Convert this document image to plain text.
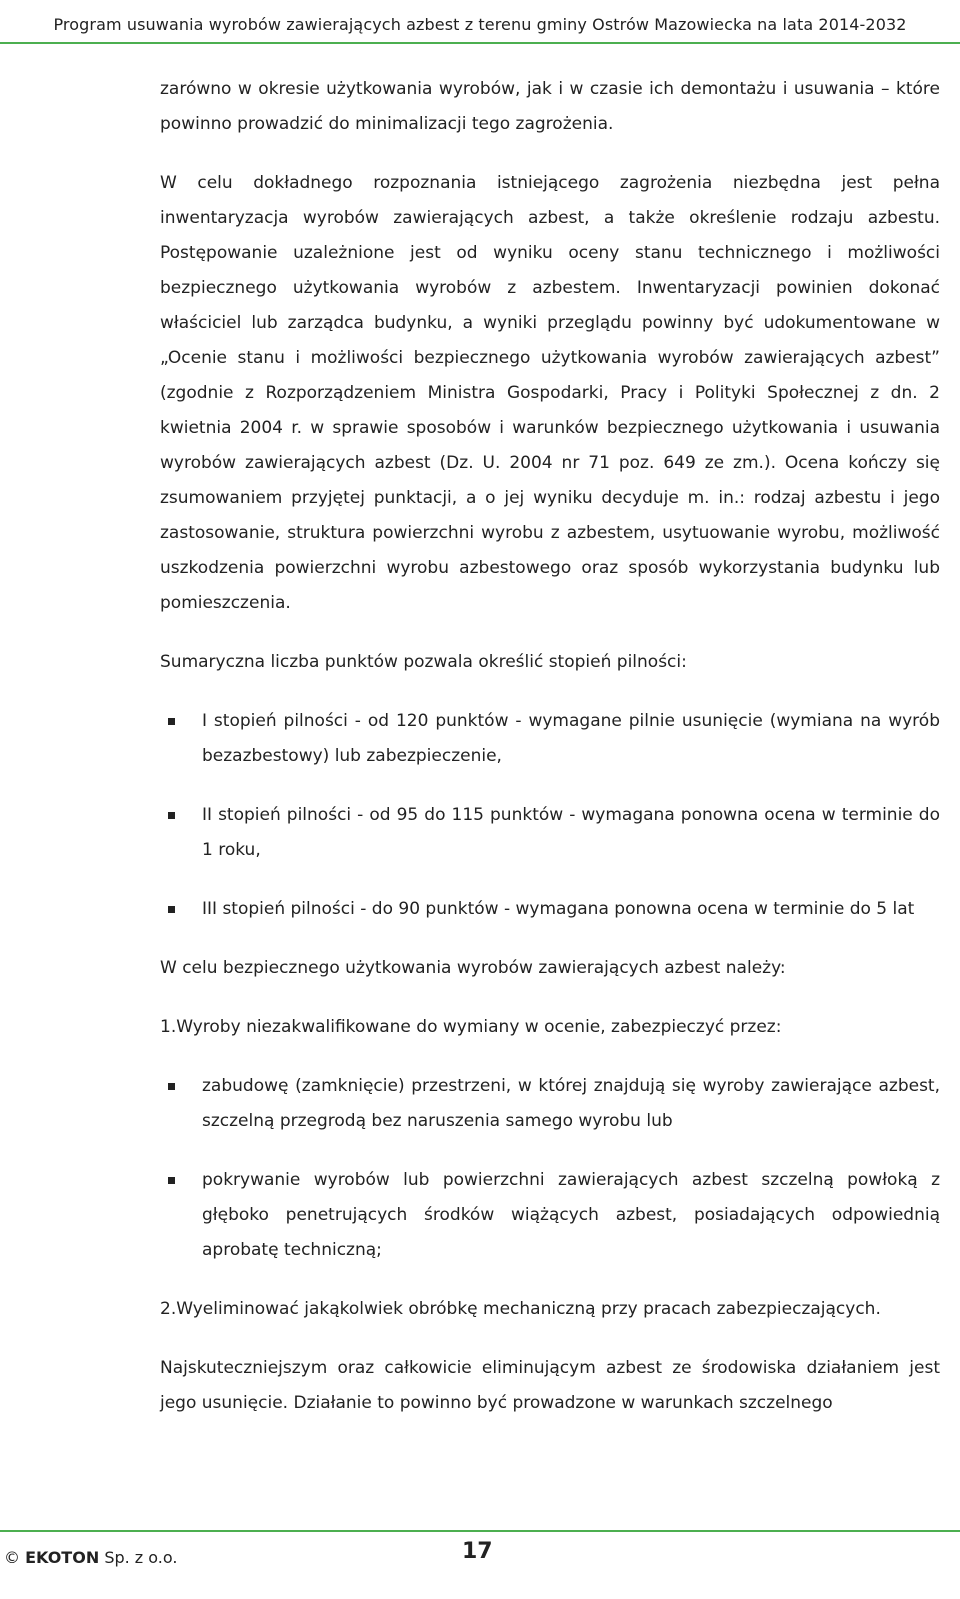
Program usuwania wyrobów zawierających azbest z terenu gminy Ostrów Mazowiecka na lata 2014-2032

zarówno w okresie użytkowania wyrobów, jak i w czasie ich demontażu i usuwania – które powinno prowadzić do minimalizacji tego zagrożenia.

W celu dokładnego rozpoznania istniejącego zagrożenia niezbędna jest pełna inwentaryzacja wyrobów zawierających azbest, a także określenie rodzaju azbestu. Postępowanie uzależnione jest od wyniku oceny stanu technicznego i możliwości bezpiecznego użytkowania wyrobów z azbestem. Inwentaryzacji powinien dokonać właściciel lub zarządca budynku, a wyniki przeglądu powinny być udokumentowane w „Ocenie stanu i możliwości bezpiecznego użytkowania wyrobów zawierających azbest” (zgodnie z Rozporządzeniem Ministra Gospodarki, Pracy i Polityki Społecznej z dn. 2 kwietnia 2004 r. w sprawie sposobów i warunków bezpiecznego użytkowania i usuwania wyrobów zawierających azbest (Dz. U. 2004 nr 71 poz. 649 ze zm.). Ocena kończy się zsumowaniem przyjętej punktacji, a o jej wyniku decyduje m. in.: rodzaj azbestu i jego zastosowanie, struktura powierzchni wyrobu z azbestem, usytuowanie wyrobu, możliwość uszkodzenia powierzchni wyrobu azbestowego oraz sposób wykorzystania budynku lub pomieszczenia.

Sumaryczna liczba punktów pozwala określić stopień pilności:

I stopień pilności - od 120 punktów - wymagane pilnie usunięcie (wymiana na wyrób bezazbestowy) lub zabezpieczenie,
II stopień pilności - od 95 do 115 punktów - wymagana ponowna ocena w terminie do 1 roku,
III stopień pilności - do 90 punktów - wymagana ponowna ocena w terminie do 5 lat

W celu bezpiecznego użytkowania wyrobów zawierających azbest należy:

1.Wyroby niezakwalifikowane do wymiany w ocenie, zabezpieczyć przez:

zabudowę (zamknięcie) przestrzeni, w której znajdują się wyroby zawierające azbest, szczelną przegrodą bez naruszenia samego wyrobu lub
pokrywanie wyrobów lub powierzchni zawierających azbest szczelną powłoką z głęboko penetrujących środków wiążących azbest, posiadających odpowiednią aprobatę techniczną;

2.Wyeliminować jakąkolwiek obróbkę mechaniczną przy pracach zabezpieczających.

Najskuteczniejszym oraz całkowicie eliminującym azbest ze środowiska działaniem jest jego usunięcie. Działanie to powinno być prowadzone w warunkach szczelnego

© EKOTON Sp. z o.o.	17
